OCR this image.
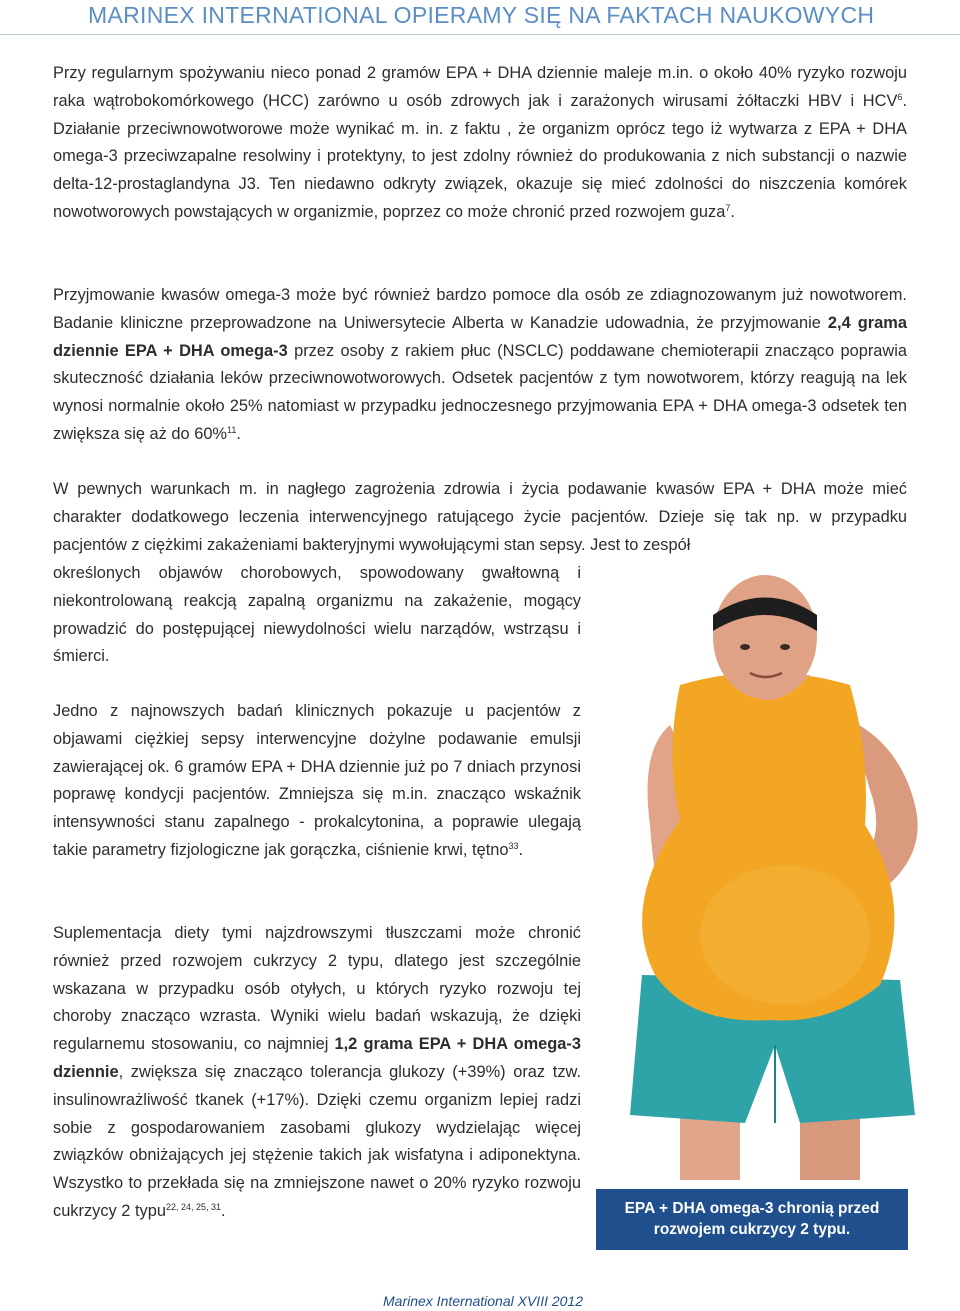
MARINEX INTERNATIONAL OPIERAMY SIĘ NA FAKTACH NAUKOWYCH

Przy regularnym spożywaniu nieco ponad 2 gramów EPA + DHA dziennie maleje m.in. o około 40% ryzyko rozwoju raka wątrobokomórkowego (HCC) zarówno u osób zdrowych jak i zarażonych wirusami żółtaczki HBV i HCV$^6$. Działanie przeciwnowotworowe może wynikać m. in. z faktu , że organizm oprócz tego iż wytwarza z EPA + DHA omega-3 przeciwzapalne resolwiny i protektyny, to jest zdolny również do produkowania z nich substancji o nazwie delta-12-prostaglandyna J3. Ten niedawno odkryty związek, okazuje się mieć zdolności do niszczenia komórek nowotworowych powstających w organizmie, poprzez co może chronić przed rozwojem guza$^7$.

Przyjmowanie kwasów omega-3 może być również bardzo pomoce dla osób ze zdiagnozowanym już nowotworem. Badanie kliniczne przeprowadzone na Uniwersytecie Alberta w Kanadzie udowadnia, że przyjmowanie 2,4 grama dziennie EPA + DHA omega-3 przez osoby z rakiem płuc (NSCLC) poddawane chemioterapii znacząco poprawia skuteczność działania leków przeciwnowotworowych. Odsetek pacjentów z tym nowotworem, którzy reagują na lek wynosi normalnie około 25% natomiast w przypadku jednoczesnego przyjmowania EPA + DHA omega-3 odsetek ten zwiększa się aż do 60%$^{11}$.

W pewnych warunkach m. in nagłego zagrożenia zdrowia i życia podawanie kwasów EPA + DHA może mieć charakter dodatkowego leczenia interwencyjnego ratującego życie pacjentów. Dzieje się tak np. w przypadku pacjentów z ciężkimi zakażeniami bakteryjnymi wywołującymi stan sepsy. Jest to zespół

określonych objawów chorobowych, spowodowany gwałtowną i niekontrolowaną reakcją zapalną organizmu na zakażenie, mogący prowadzić do postępującej niewydolności wielu narządów, wstrząsu i śmierci.

Jedno z najnowszych badań klinicznych pokazuje u pacjentów z objawami ciężkiej sepsy interwencyjne dożylne podawanie emulsji zawierającej ok. 6 gramów EPA + DHA dziennie już po 7 dniach przynosi poprawę kondycji pacjentów. Zmniejsza się m.in. znacząco wskaźnik intensywności stanu zapalnego - prokalcytonina, a poprawie ulegają takie parametry fizjologiczne jak gorączka, ciśnienie krwi, tętno$^{33}$.

Suplementacja diety tymi najzdrowszymi tłuszczami może chronić również przed rozwojem cukrzycy 2 typu, dlatego jest szczególnie wskazana w przypadku osób otyłych, u których ryzyko rozwoju tej choroby znacząco wzrasta. Wyniki wielu badań wskazują, że dzięki regularnemu stosowaniu, co najmniej 1,2 grama EPA + DHA omega-3 dziennie, zwiększa się znacząco tolerancja glukozy (+39%) oraz tzw. insulinowrażliwość tkanek (+17%). Dzięki czemu organizm lepiej radzi sobie z gospodarowaniem zasobami glukozy wydzielając więcej związków obniżających jej stężenie takich jak wisfatyna i adiponektyna. Wszystko to przekłada się na zmniejszone nawet o 20% ryzyko rozwoju cukrzycy 2 typu$^{22, 24, 25, 31}$.	EPA + DHA omega-3 chronią przed
rozwojem cukrzycy 2 typu.
Marinex International XVIII 2012
